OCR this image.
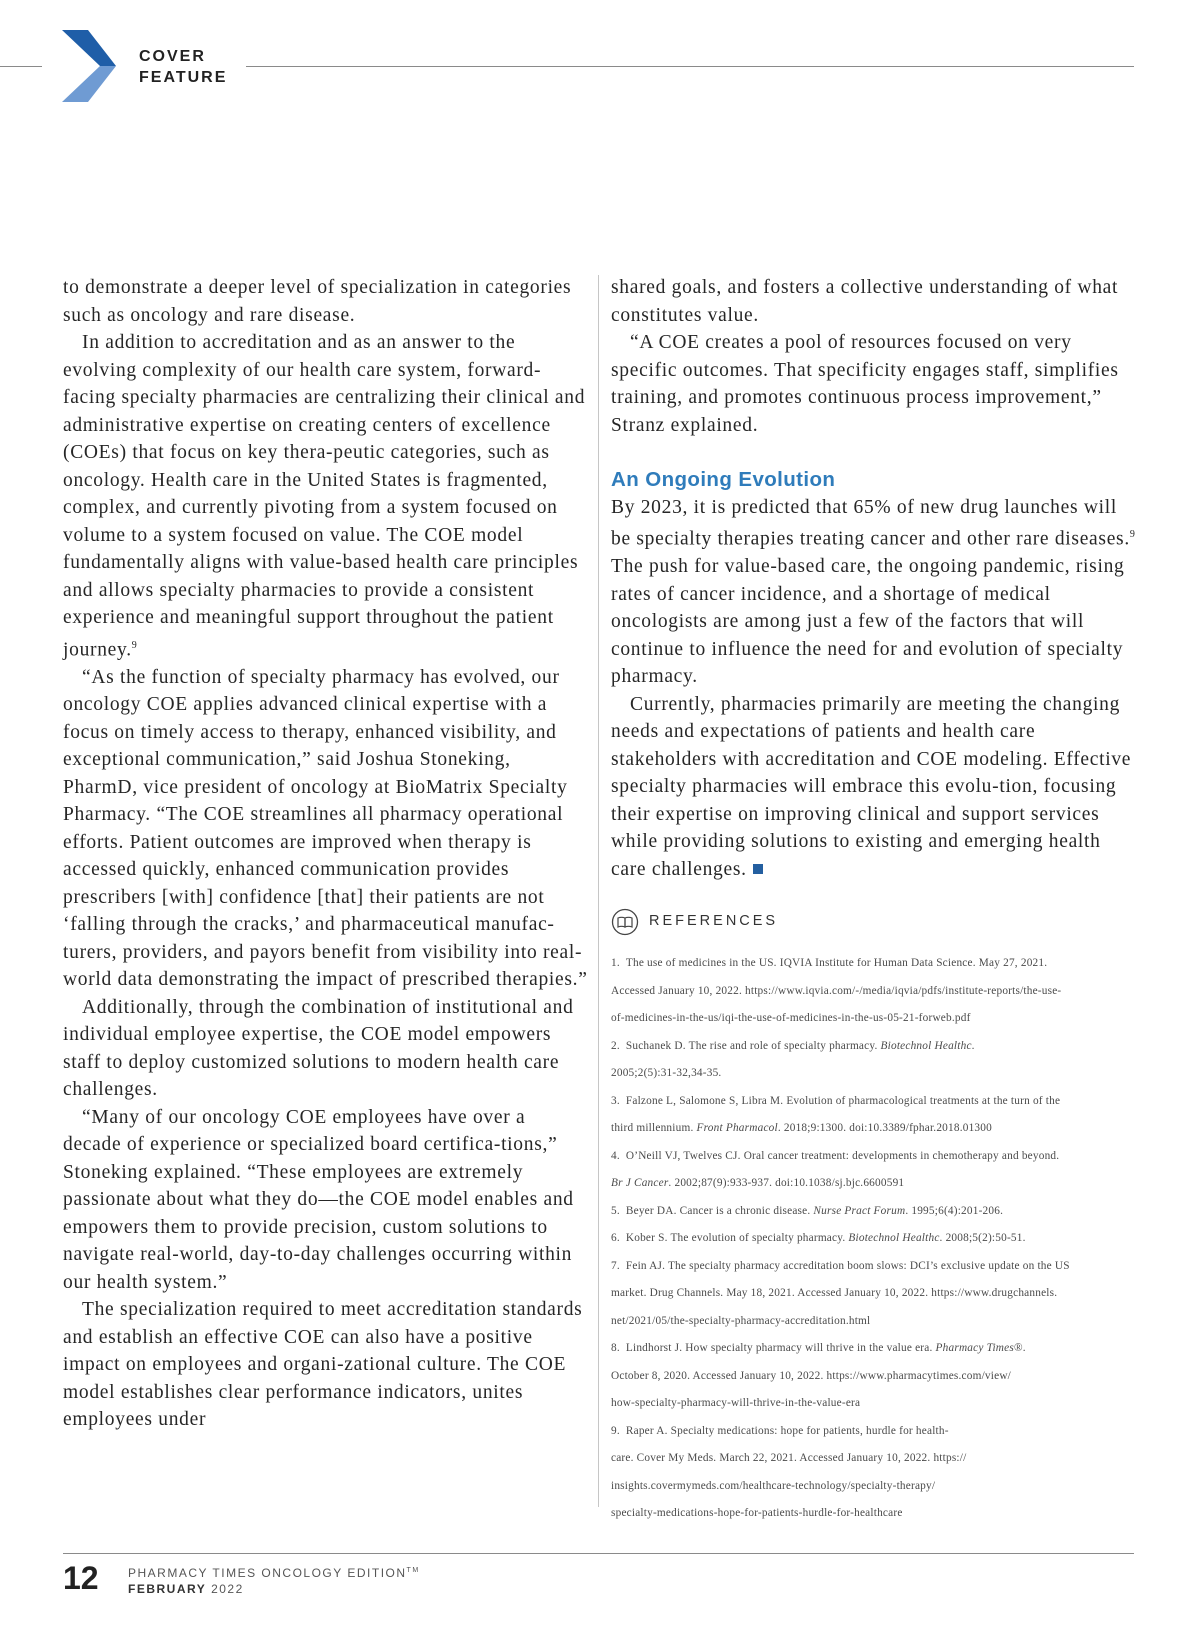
COVER
FEATURE

to demonstrate a deeper level of specialization in categories such as oncology and rare disease.

In addition to accreditation and as an answer to the evolving complexity of our health care system, forward-facing specialty pharmacies are centralizing their clinical and administrative expertise on creating centers of excellence (COEs) that focus on key thera-peutic categories, such as oncology. Health care in the United States is fragmented, complex, and currently pivoting from a system focused on volume to a system focused on value. The COE model fundamentally aligns with value-based health care principles and allows specialty pharmacies to provide a consistent experience and meaningful support throughout the patient journey.$^9$

“As the function of specialty pharmacy has evolved, our oncology COE applies advanced clinical expertise with a focus on timely access to therapy, enhanced visibility, and exceptional communication,” said Joshua Stoneking, PharmD, vice president of oncology at BioMatrix Specialty Pharmacy. “The COE streamlines all pharmacy operational efforts. Patient outcomes are improved when therapy is accessed quickly, enhanced communication provides prescribers [with] confidence [that] their patients are not ‘falling through the cracks,’ and pharmaceutical manufac-turers, providers, and payors benefit from visibility into real-world data demonstrating the impact of prescribed therapies.”

Additionally, through the combination of institutional and individual employee expertise, the COE model empowers staff to deploy customized solutions to modern health care challenges.

“Many of our oncology COE employees have over a decade of experience or specialized board certifica-tions,” Stoneking explained. “These employees are extremely passionate about what they do—the COE model enables and empowers them to provide precision, custom solutions to navigate real-world, day-to-day challenges occurring within our health system.”

The specialization required to meet accreditation standards and establish an effective COE can also have a positive impact on employees and organi-zational culture. The COE model establishes clear performance indicators, unites employees under

shared goals, and fosters a collective understanding of what constitutes value.

“A COE creates a pool of resources focused on very specific outcomes. That specificity engages staff, simplifies training, and promotes continuous process improvement,” Stranz explained.

An Ongoing Evolution

By 2023, it is predicted that 65% of new drug launches will be specialty therapies treating cancer and other rare diseases.$^9$ The push for value-based care, the ongoing pandemic, rising rates of cancer incidence, and a shortage of medical oncologists are among just a few of the factors that will continue to influence the need for and evolution of specialty pharmacy.

Currently, pharmacies primarily are meeting the changing needs and expectations of patients and health care stakeholders with accreditation and COE modeling. Effective specialty pharmacies will embrace this evolu-tion, focusing their expertise on improving clinical and support services while providing solutions to existing and emerging health care challenges.

REFERENCES
1. The use of medicines in the US. IQVIA Institute for Human Data Science. May 27, 2021.
Accessed January 10, 2022. https://www.iqvia.com/-/media/iqvia/pdfs/institute-reports/the-use-
of-medicines-in-the-us/iqi-the-use-of-medicines-in-the-us-05-21-forweb.pdf
2. Suchanek D. The rise and role of specialty pharmacy. Biotechnol Healthc.
2005;2(5):31-32,34-35.
3. Falzone L, Salomone S, Libra M. Evolution of pharmacological treatments at the turn of the
third millennium. Front Pharmacol. 2018;9:1300. doi:10.3389/fphar.2018.01300
4. O’Neill VJ, Twelves CJ. Oral cancer treatment: developments in chemotherapy and beyond.
Br J Cancer. 2002;87(9):933-937. doi:10.1038/sj.bjc.6600591
5. Beyer DA. Cancer is a chronic disease. Nurse Pract Forum. 1995;6(4):201-206.
6. Kober S. The evolution of specialty pharmacy. Biotechnol Healthc. 2008;5(2):50-51.
7. Fein AJ. The specialty pharmacy accreditation boom slows: DCI’s exclusive update on the US
market. Drug Channels. May 18, 2021. Accessed January 10, 2022. https://www.drugchannels.
net/2021/05/the-specialty-pharmacy-accreditation.html
8. Lindhorst J. How specialty pharmacy will thrive in the value era. Pharmacy Times®.
October 8, 2020. Accessed January 10, 2022. https://www.pharmacytimes.com/view/
how-specialty-pharmacy-will-thrive-in-the-value-era
9. Raper A. Specialty medications: hope for patients, hurdle for health-
care. Cover My Meds. March 22, 2021. Accessed January 10, 2022. https://
insights.covermymeds.com/healthcare-technology/specialty-therapy/
specialty-medications-hope-for-patients-hurdle-for-healthcare
12 PHARMACY TIMES ONCOLOGY EDITION™
FEBRUARY 2022
